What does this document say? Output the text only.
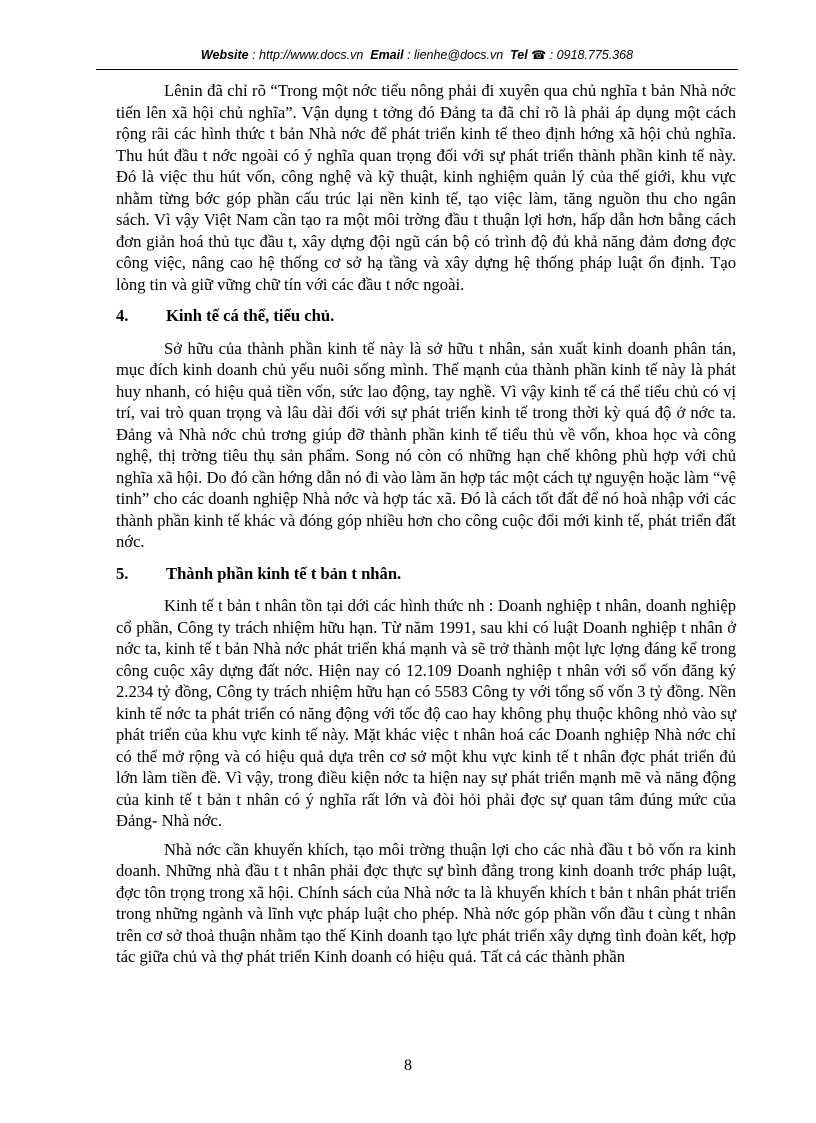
Website : http://www.docs.vn Email : lienhe@docs.vn Tel ☎ : 0918.775.368

Lênin đã chỉ rõ “Trong một nớc tiểu nông phải đi xuyên qua chủ nghĩa t bản Nhà nớc tiến lên xã hội chủ nghĩa”. Vận dụng t tởng đó Đảng ta đã chỉ rõ là phải áp dụng một cách rộng rãi các hình thức t bản Nhà nớc để phát triển kinh tế theo định hớng xã hội chủ nghĩa. Thu hút đầu t nớc ngoài có ý nghĩa quan trọng đối với sự phát triển thành phần kinh tế này. Đó là việc thu hút vốn, công nghệ và kỹ thuật, kinh nghiệm quản lý của thế giới, khu vực nhằm từng bớc góp phần cấu trúc lại nền kinh tế, tạo việc làm, tăng nguồn thu cho ngân sách. Vì vậy Việt Nam cần tạo ra một môi trờng đầu t thuận lợi hơn, hấp dẫn hơn bằng cách đơn giản hoá thủ tục đầu t, xây dựng đội ngũ cán bộ có trình độ đủ khả năng đảm đơng đợc công việc, nâng cao hệ thống cơ sở hạ tầng và xây dựng hệ thống pháp luật ổn định. Tạo lòng tin và giữ vững chữ tín với các đầu t nớc ngoài.

4.	Kinh tế cá thể, tiểu chủ.

Sở hữu của thành phần kinh tế này là sở hữu t nhân, sản xuất kinh doanh phân tán, mục đích kinh doanh chủ yếu nuôi sống mình. Thế mạnh của thành phần kinh tế này là phát huy nhanh, có hiệu quả tiền vốn, sức lao động, tay nghề. Vì vậy kinh tế cá thể tiểu chủ có vị trí, vai trò quan trọng và lâu dài đối với sự phát triển kinh tế trong thời kỳ quá độ ở nớc ta. Đảng và Nhà nớc chủ trơng giúp đỡ thành phần kinh tế tiểu thủ về vốn, khoa học và công nghệ, thị trờng tiêu thụ sản phẩm. Song nó còn có những hạn chế không phù hợp với chủ nghĩa xã hội. Do đó cần hớng dẫn nó đi vào làm ăn hợp tác một cách tự nguyện hoặc làm “vệ tinh” cho các doanh nghiệp Nhà nớc và hợp tác xã. Đó là cách tốt đất để nó hoà nhập với các thành phần kinh tế khác và đóng góp nhiều hơn cho công cuộc đổi mới kinh tế, phát triển đất nớc.

5.	Thành phần kinh tế t bản t nhân.

Kinh tế t bản t nhân tồn tại dới các hình thức nh : Doanh nghiệp t nhân, doanh nghiệp cổ phần, Công ty trách nhiệm hữu hạn. Từ năm 1991, sau khi có luật Doanh nghiệp t nhân ở nớc ta, kinh tế t bản Nhà nớc phát triển khá mạnh và sẽ trở thành một lực lợng đáng kể trong công cuộc xây dựng đất nớc. Hiện nay có 12.109 Doanh nghiệp t nhân với số vốn đăng ký 2.234 tỷ đồng, Công ty trách nhiệm hữu hạn có 5583 Công ty với tổng số vốn 3 tỷ đồng. Nền kinh tế nớc ta phát triển có năng động với tốc độ cao hay không phụ thuộc không nhỏ vào sự phát triển của khu vực kinh tế này. Mặt khác việc t nhân hoá các Doanh nghiệp Nhà nớc chỉ có thể mở rộng và có hiệu quả dựa trên cơ sở một khu vực kinh tế t nhân đợc phát triển đủ lớn làm tiền đề. Vì vậy, trong điều kiện nớc ta hiện nay sự phát triển mạnh mẽ và năng động của kinh tế t bản t nhân có ý nghĩa rất lớn và đòi hỏi phải đợc sự quan tâm đúng mức của Đảng- Nhà nớc.

Nhà nớc cần khuyến khích, tạo môi trờng thuận lợi cho các nhà đầu t bỏ vốn ra kinh doanh. Những nhà đầu t t nhân phải đợc thực sự bình đẳng trong kinh doanh trớc pháp luật, đợc tôn trọng trong xã hội. Chính sách của Nhà nớc ta là khuyến khích t bản t nhân phát triển trong những ngành và lĩnh vực pháp luật cho phép. Nhà nớc góp phần vốn đầu t cùng t nhân trên cơ sở thoả thuận nhằm tạo thế Kinh doanh tạo lực phát triển xây dựng tình đoàn kết, hợp tác giữa chủ và thợ phát triển Kinh doanh có hiệu quả. Tất cả các thành phần

8
